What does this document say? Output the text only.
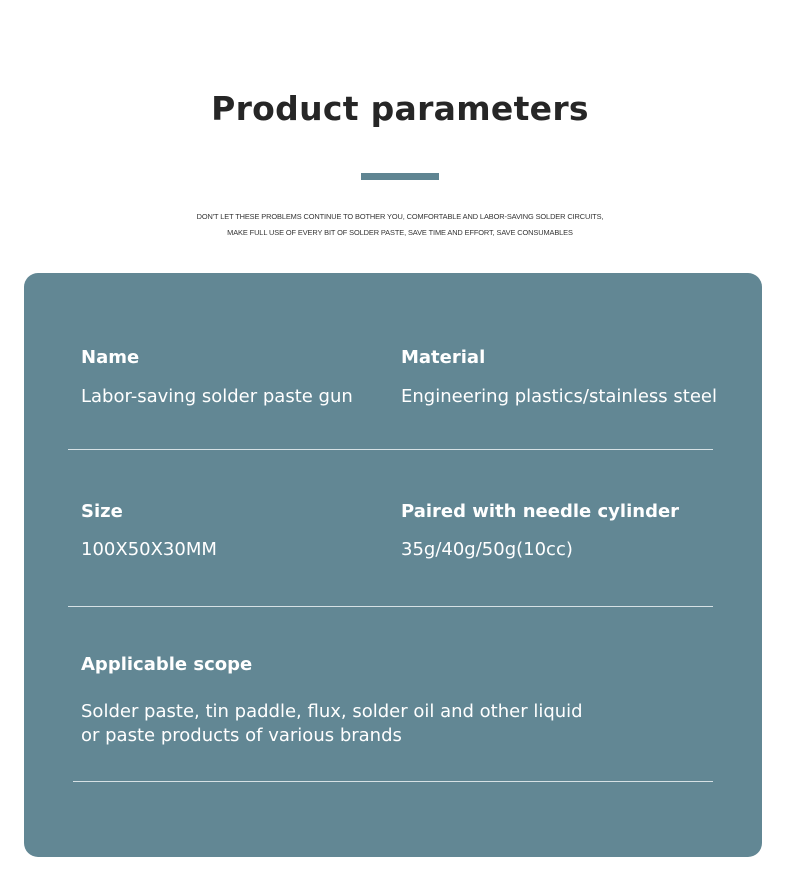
Product parameters
DON'T LET THESE PROBLEMS CONTINUE TO BOTHER YOU, COMFORTABLE AND LABOR-SAVING SOLDER CIRCUITS,
MAKE FULL USE OF EVERY BIT OF SOLDER PASTE, SAVE TIME AND EFFORT, SAVE CONSUMABLES
Name
Labor-saving solder paste gun
Material
Engineering plastics/stainless steel
Size
100X50X30MM
Paired with needle cylinder
35g/40g/50g(10cc)
Applicable scope
Solder paste, tin paddle, flux, solder oil and other liquid
or paste products of various brands
